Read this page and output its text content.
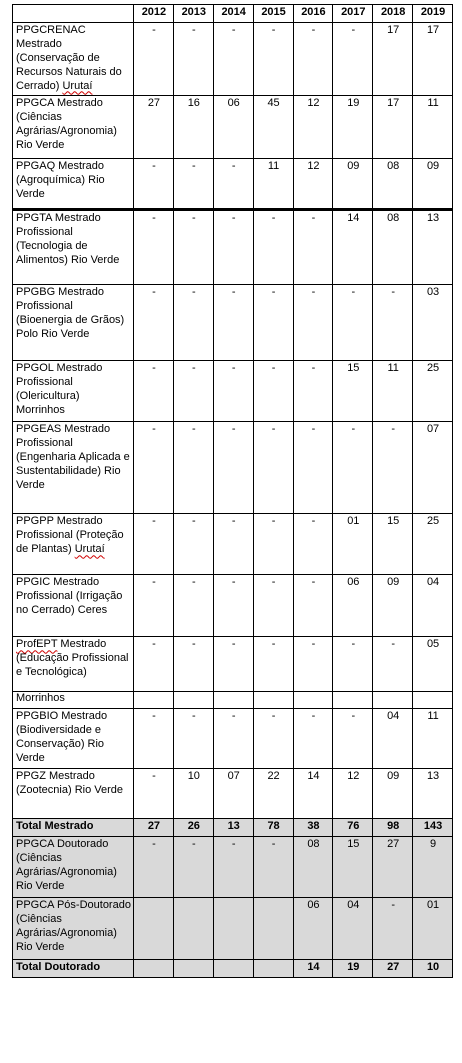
	2012	2013	2014	2015	2016	2017	2018	2019
PPGCRENAC Mestrado (Conservação de Recursos Naturais do Cerrado) Urutaí	-	-	-	-	-	-	17	17
PPGCA Mestrado (Ciências Agrárias/Agronomia) Rio Verde	27	16	06	45	12	19	17	11
PPGAQ Mestrado (Agroquímica) Rio Verde	-	-	-	11	12	09	08	09
PPGTA Mestrado Profissional (Tecnologia de Alimentos) Rio Verde	-	-	-	-	-	14	08	13
PPGBG Mestrado Profissional (Bioenergia de Grãos) Polo Rio Verde	-	-	-	-	-	-	-	03
PPGOL Mestrado Profissional (Olericultura) Morrinhos	-	-	-	-	-	15	11	25
PPGEAS Mestrado Profissional (Engenharia Aplicada e Sustentabilidade) Rio Verde	-	-	-	-	-	-	-	07
PPGPP Mestrado Profissional (Proteção de Plantas) Urutaí	-	-	-	-	-	01	15	25
PPGIC Mestrado Profissional (Irrigação no Cerrado) Ceres	-	-	-	-	-	06	09	04
ProfEPT Mestrado (Educação Profissional e Tecnológica)	-	-	-	-	-	-	-	05
Morrinhos								
PPGBIO Mestrado (Biodiversidade e Conservação) Rio Verde	-	-	-	-	-	-	04	11
PPGZ Mestrado (Zootecnia) Rio Verde	-	10	07	22	14	12	09	13
Total Mestrado	27	26	13	78	38	76	98	143
PPGCA Doutorado (Ciências Agrárias/Agronomia) Rio Verde	-	-	-	-	08	15	27	9
PPGCA Pós-Doutorado (Ciências Agrárias/Agronomia) Rio Verde					06	04	-	01
Total Doutorado					14	19	27	10
